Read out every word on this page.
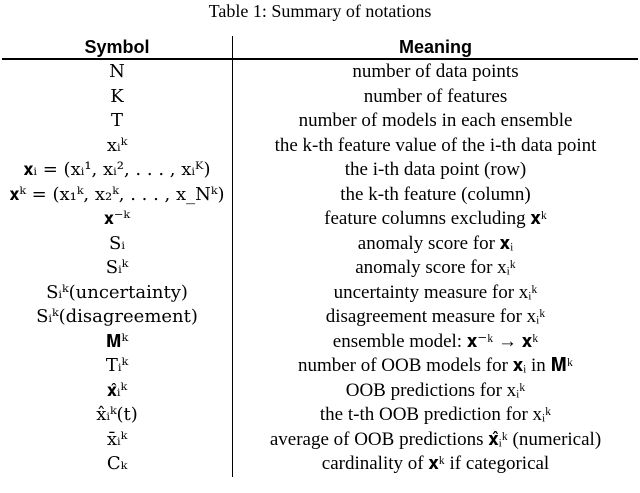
Table 1: Summary of notations
Symbol	Meaning
N	number of data points
K	number of features
T	number of models in each ensemble
xᵢᵏ	the k-th feature value of the i-th data point
𝐱ᵢ = (xᵢ¹, xᵢ², . . . , xᵢᴷ)	the i-th data point (row)
𝐱ᵏ = (x₁ᵏ, x₂ᵏ, . . . , x_Nᵏ)	the k-th feature (column)
𝐱⁻ᵏ	feature columns excluding 𝐱ᵏ
Sᵢ	anomaly score for 𝐱ᵢ
Sᵢᵏ	anomaly score for xᵢᵏ
Sᵢᵏ(uncertainty)	uncertainty measure for xᵢᵏ
Sᵢᵏ(disagreement)	disagreement measure for xᵢᵏ
𝐌ᵏ	ensemble model: 𝐱⁻ᵏ → 𝐱ᵏ
Tᵢᵏ	number of OOB models for 𝐱ᵢ in 𝐌ᵏ
𝐱̂ᵢᵏ	OOB predictions for xᵢᵏ
x̂ᵢᵏ(t)	the t-th OOB prediction for xᵢᵏ
x̄ᵢᵏ	average of OOB predictions 𝐱̂ᵢᵏ (numerical)
Cₖ	cardinality of 𝐱ᵏ if categorical
